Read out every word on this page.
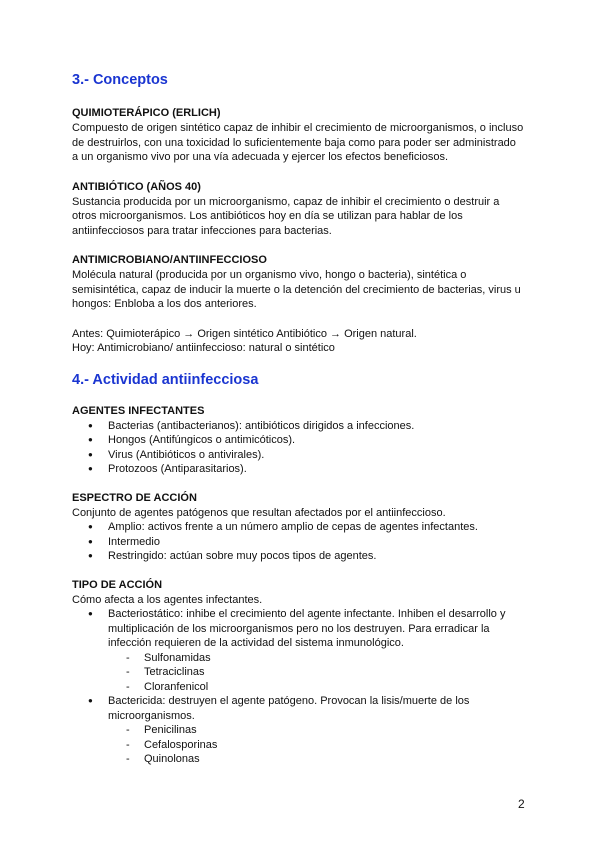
3.- Conceptos
QUIMIOTERÁPICO (ERLICH)

Compuesto de origen sintético capaz de inhibir el crecimiento de microorganismos, o incluso

de destruirlos, con una toxicidad lo suficientemente baja como para poder ser administrado

a un organismo vivo por una vía adecuada y ejercer los efectos beneficiosos.

ANTIBIÓTICO (AÑOS 40)

Sustancia producida por un microorganismo, capaz de inhibir el crecimiento o destruir a

otros microorganismos. Los antibióticos hoy en día se utilizan para hablar de los

antiinfecciosos para tratar infecciones para bacterias.

ANTIMICROBIANO/ANTIINFECCIOSO

Molécula natural (producida por un organismo vivo, hongo o bacteria), sintética o

semisintética, capaz de inducir la muerte o la detención del crecimiento de bacterias, virus u

hongos: Enbloba a los dos anteriores.

Antes: Quimioterápico → Origen sintético Antibiótico → Origen natural.

Hoy: Antimicrobiano/ antiinfeccioso: natural o sintético

4.- Actividad antiinfecciosa
AGENTES INFECTANTES
● Bacterias (antibacterianos): antibióticos dirigidos a infecciones.
● Hongos (Antifúngicos o antimicóticos).
● Virus (Antibióticos o antivirales).
● Protozoos (Antiparasitarios).
ESPECTRO DE ACCIÓN

Conjunto de agentes patógenos que resultan afectados por el antiinfeccioso.

● Amplio: activos frente a un número amplio de cepas de agentes infectantes.
● Intermedio
● Restringido: actúan sobre muy pocos tipos de agentes.
TIPO DE ACCIÓN

Cómo afecta a los agentes infectantes.

● Bacteriostático: inhibe el crecimiento del agente infectante. Inhiben el desarrollo y
multiplicación de los microorganismos pero no los destruyen. Para erradicar la
infección requieren de la actividad del sistema inmunológico.
- Sulfonamidas
- Tetraciclinas
- Cloranfenicol
● Bactericida: destruyen el agente patógeno. Provocan la lisis/muerte de los
microorganismos.
- Penicilinas
- Cefalosporinas
- Quinolonas
2
